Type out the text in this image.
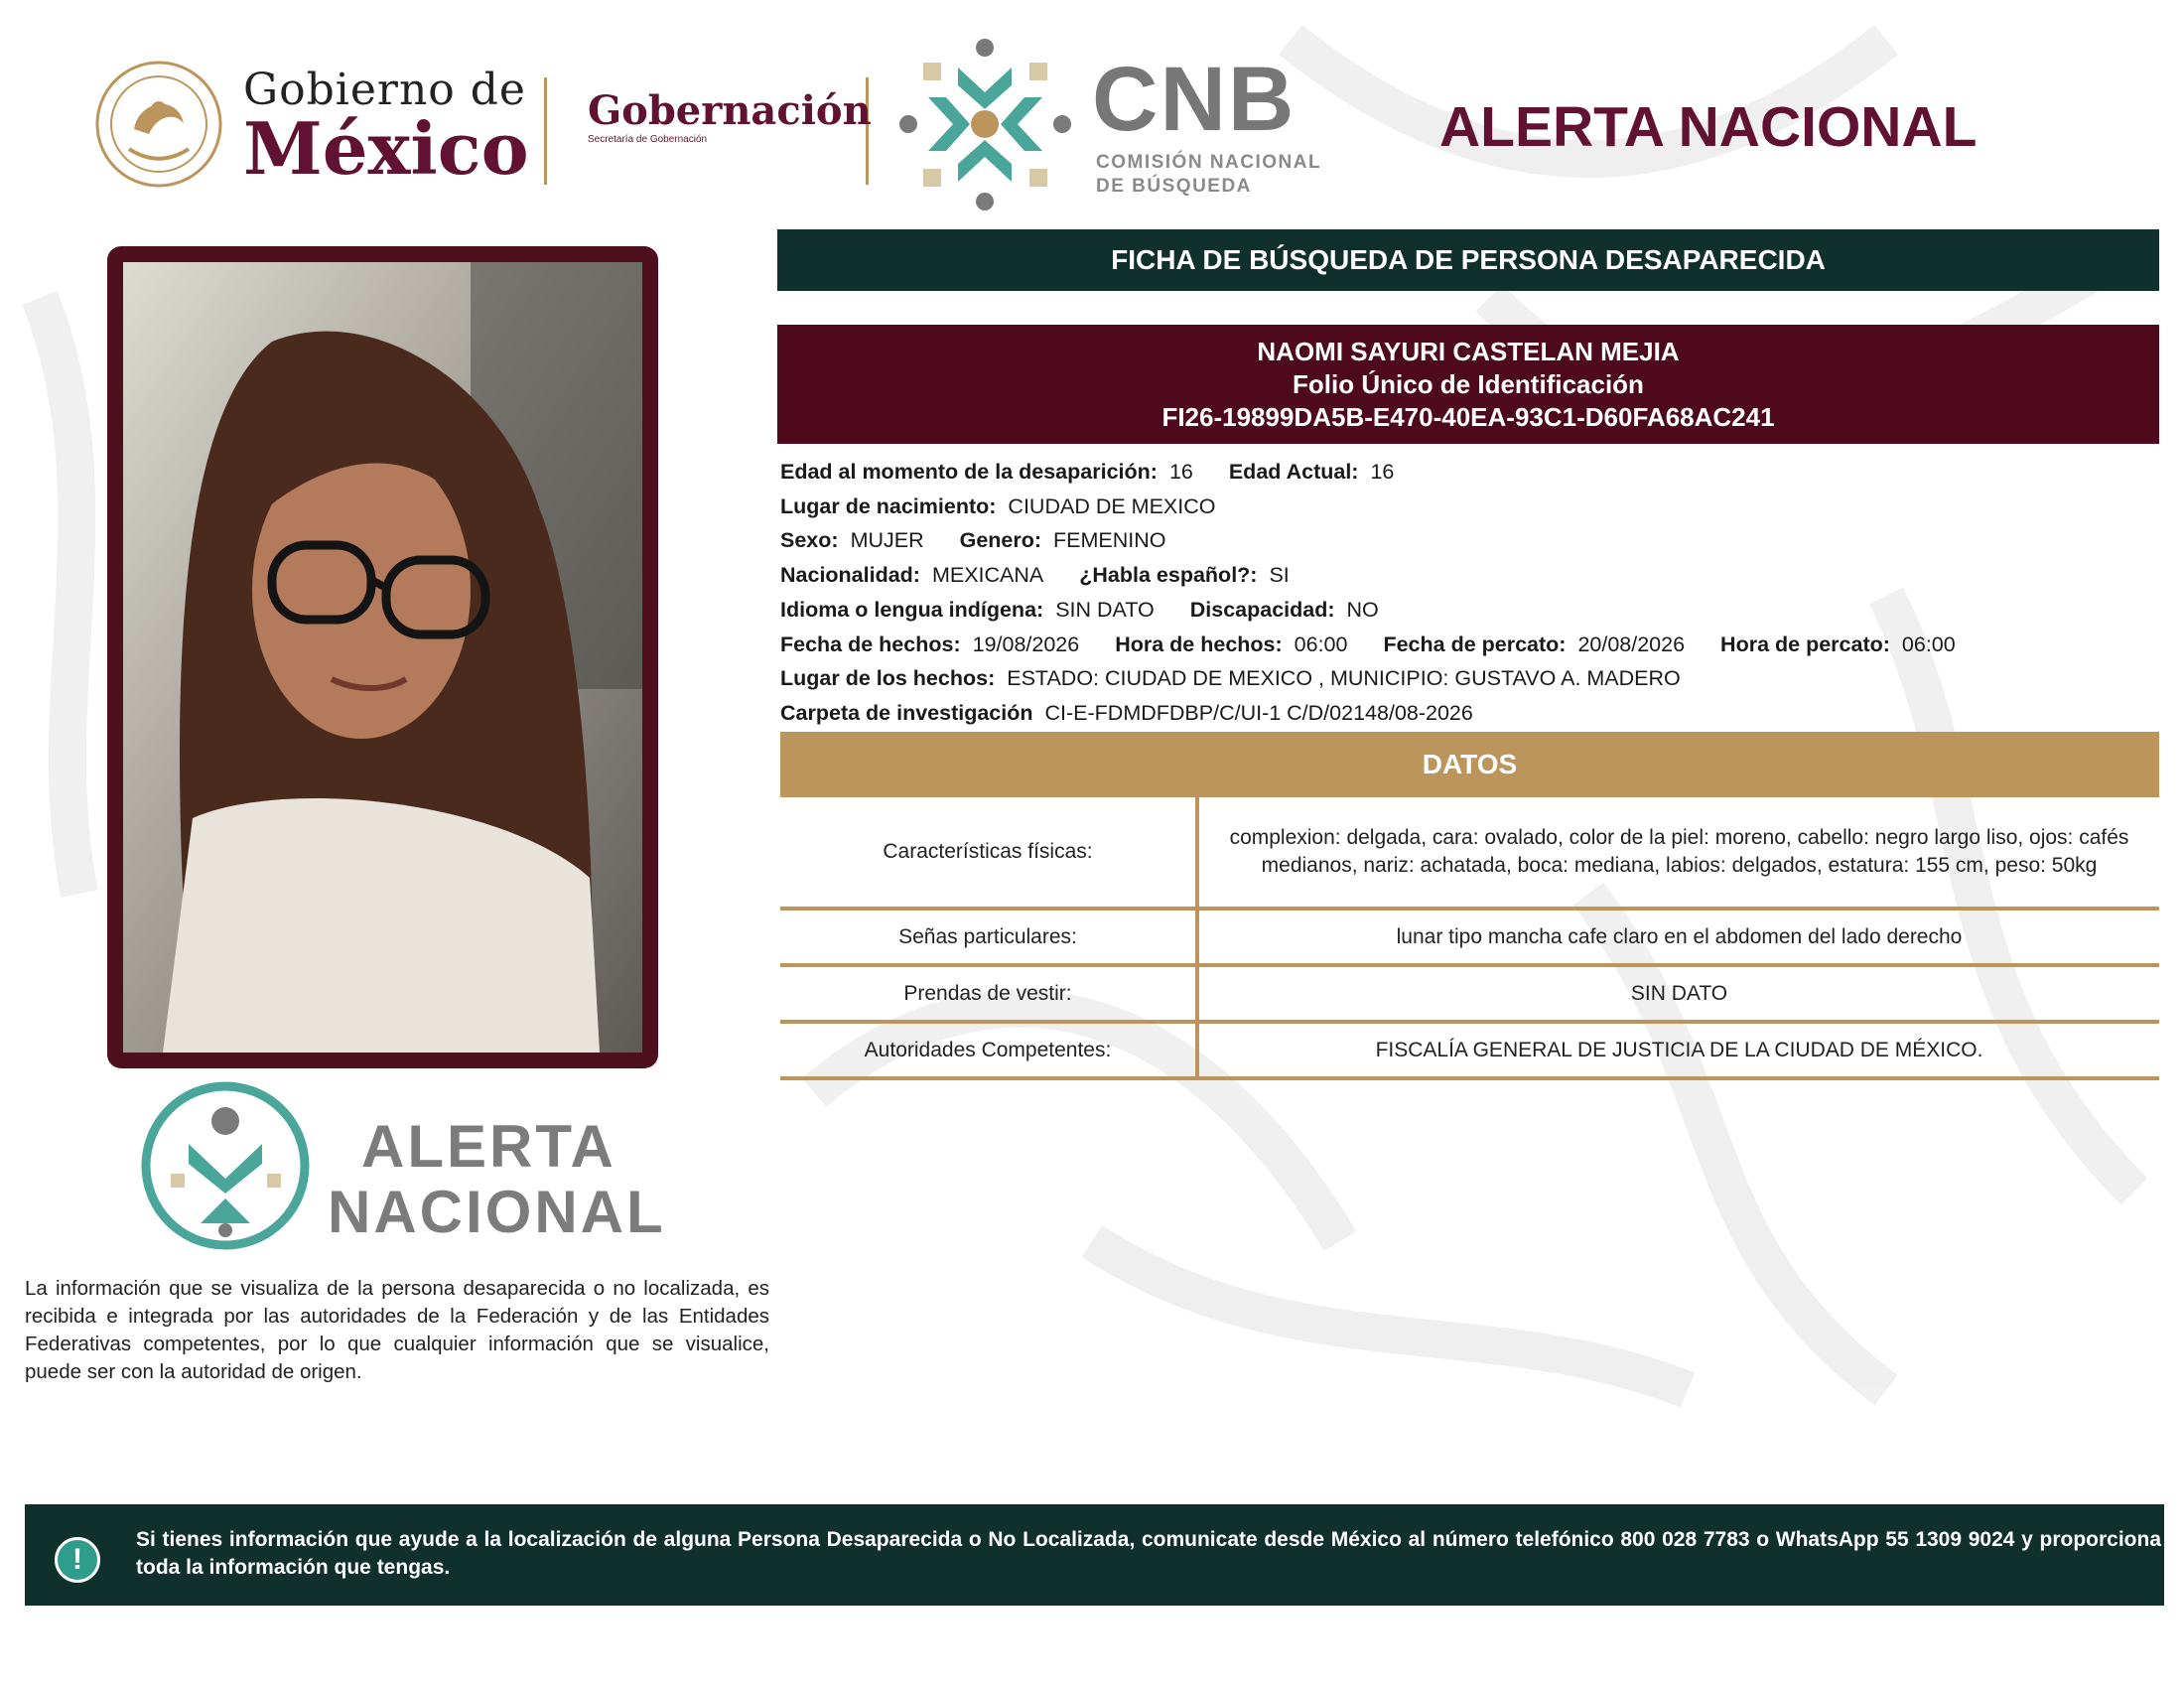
Gobierno de
México Gobernación
Secretaría de Gobernación	CNB
COMISIÓN NACIONAL DE BÚSQUEDA
ALERTA NACIONAL
ALERTA
NACIONAL
La información que se visualiza de la persona desaparecida o no localizada, es recibida e integrada por las autoridades de la Federación y de las Entidades Federativas competentes, por lo que cualquier información que se visualice, puede ser con la autoridad de origen.
FICHA DE BÚSQUEDA DE PERSONA DESAPARECIDA
NAOMI SAYURI CASTELAN MEJIA
Folio Único de Identificación
FI26-19899DA5B-E470-40EA-93C1-D60FA68AC241
Edad al momento de la desaparición: 16 Edad Actual: 16
Lugar de nacimiento: CIUDAD DE MEXICO
Sexo: MUJER Genero: FEMENINO
Nacionalidad: MEXICANA ¿Habla español?: SI
Idioma o lengua indígena: SIN DATO Discapacidad: NO
Fecha de hechos: 19/08/2026 Hora de hechos: 06:00 Fecha de percato: 20/08/2026 Hora de percato: 06:00
Lugar de los hechos: ESTADO: CIUDAD DE MEXICO , MUNICIPIO: GUSTAVO A. MADERO
Carpeta de investigación CI-E-FDMDFDBP/C/UI-1 C/D/02148/08-2026
DATOS
Características físicas:	complexion: delgada, cara: ovalado, color de la piel: moreno, cabello: negro largo liso, ojos: cafés medianos, nariz: achatada, boca: mediana, labios: delgados, estatura: 155 cm, peso: 50kg
Señas particulares:	lunar tipo mancha cafe claro en el abdomen del lado derecho
Prendas de vestir:	SIN DATO
Autoridades Competentes:	FISCALÍA GENERAL DE JUSTICIA DE LA CIUDAD DE MÉXICO.
!
Si tienes información que ayude a la localización de alguna Persona Desaparecida o No Localizada, comunicate desde México al número telefónico 800 028 7783 o WhatsApp 55 1309 9024 y proporciona toda la información que tengas.
